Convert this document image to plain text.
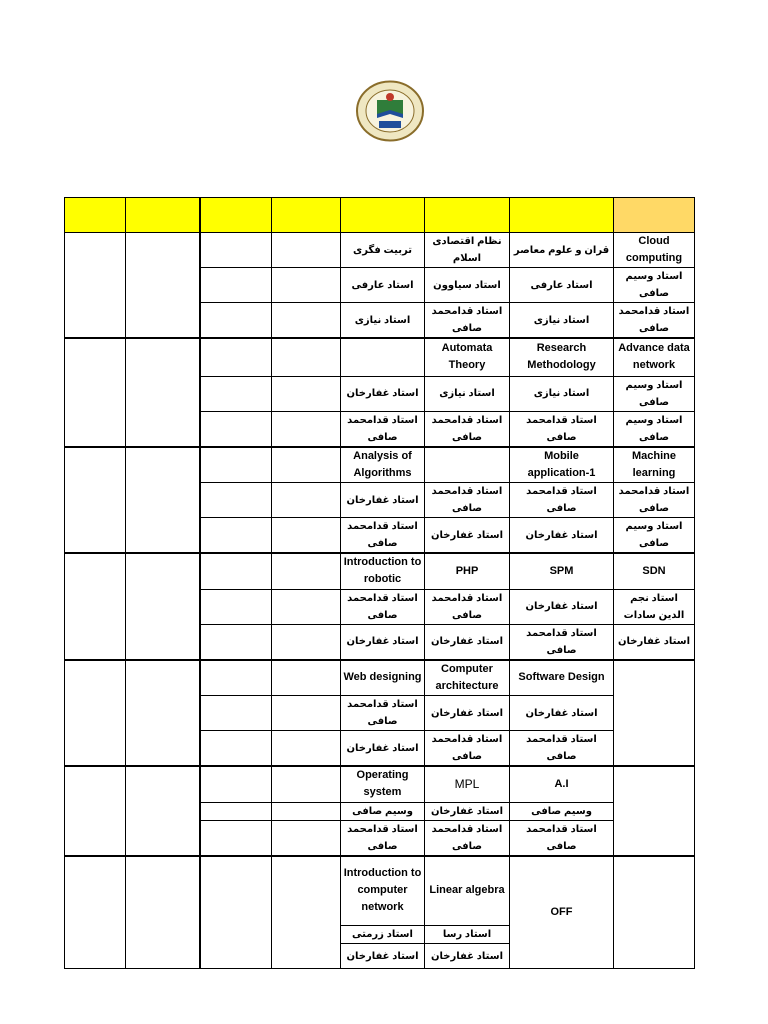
				تربیت فگری	نظام اقتصادی اسلام	قران و علوم معاصر	Cloud computing
				استاد عارفی	استاد سیاوون	استاد عارفی	استاد وسیم صافی
				استاد نیازی	استاد قدامحمد صافی	استاد نیازی	استاد قدامحمد صافی
					Automata Theory	Research Methodology	Advance data network
				استاد غفارخان	استاد نیازی	استاد نیازی	استاد وسیم صافی
				استاد قدامحمد صافی	استاد قدامحمد صافی	استاد قدامحمد صافی	استاد وسیم صافی
				Analysis of Algorithms		Mobile application-1	Machine learning
				استاد غفارخان	استاد قدامحمد صافی	استاد قدامحمد صافی	استاد قدامحمد صافی
				استاد قدامحمد صافی	استاد غفارخان	استاد غفارخان	استاد وسیم صافی
				Introduction to robotic	PHP	SPM	SDN
				استاد قدامحمد صافی	استاد قدامحمد صافی	استاد غفارخان	استاد نجم الدین سادات
				استاد غفارخان	استاد غفارخان	استاد قدامحمد صافی	استاد غفارخان
				Web designing	Computer architecture	Software Design	
				استاد قدامحمد صافی	استاد غفارخان	استاد غفارخان	
				استاد غفارخان	استاد قدامحمد صافی	استاد قدامحمد صافی	
				Operating system	MPL	A.I	
				وسیم صافی	استاد غفارخان	وسیم صافی	
				استاد قدامحمد صافی	استاد قدامحمد صافی	استاد قدامحمد صافی	
				Introduction to computer network	Linear algebra	OFF	
				استاد زرمتی	استاد رسا		
				استاد غفارخان	استاد غفارخان		
